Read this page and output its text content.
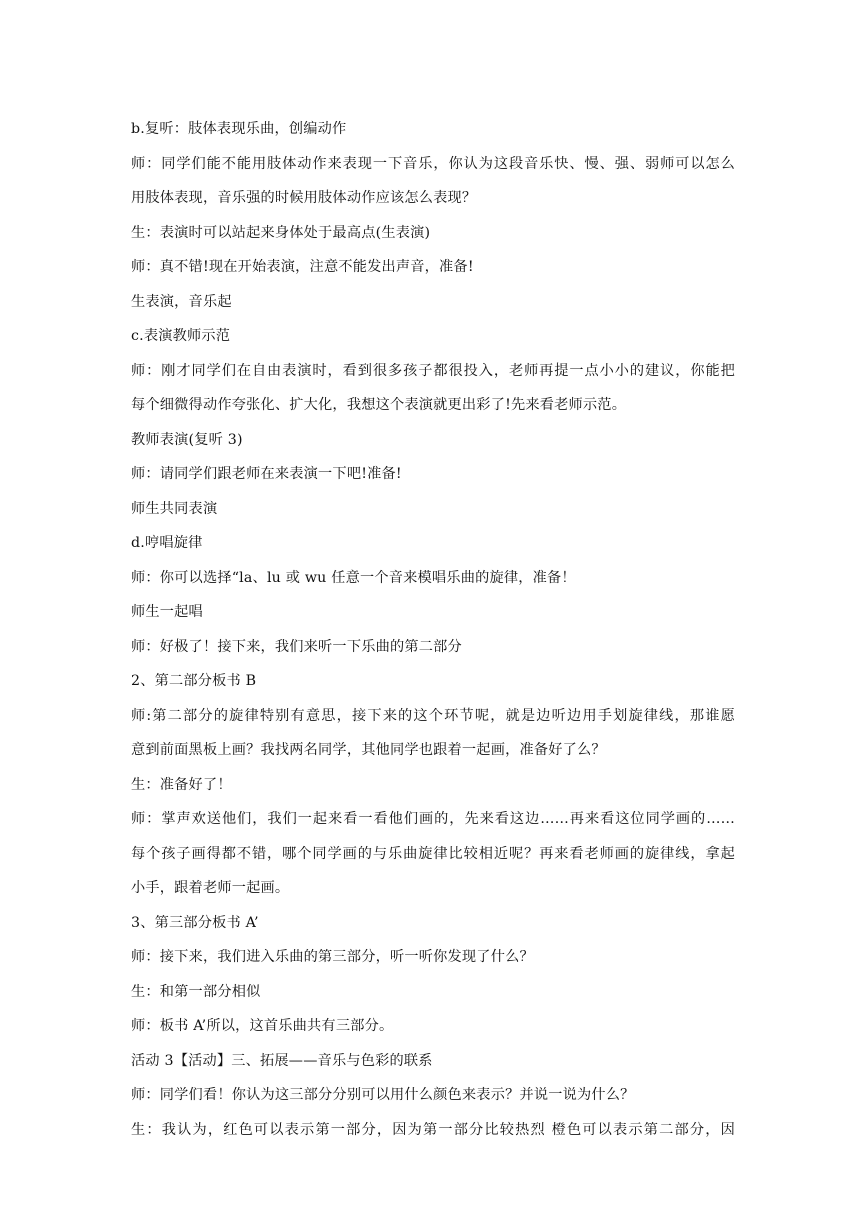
b.复听：肢体表现乐曲，创编动作
师：同学们能不能用肢体动作来表现一下音乐，你认为这段音乐快、慢、强、弱师可以怎么
用肢体表现，音乐强的时候用肢体动作应该怎么表现？
生：表演时可以站起来身体处于最高点(生表演)
师：真不错!现在开始表演，注意不能发出声音，准备!
生表演，音乐起
c.表演教师示范
师：刚才同学们在自由表演时，看到很多孩子都很投入，老师再提一点小小的建议，你能把
每个细微得动作夸张化、扩大化，我想这个表演就更出彩了!先来看老师示范。
教师表演(复听 3)
师：请同学们跟老师在来表演一下吧!准备!
师生共同表演
d.哼唱旋律
师：你可以选择“la、lu 或 wu 任意一个音来模唱乐曲的旋律，准备！
师生一起唱
师：好极了！接下来，我们来听一下乐曲的第二部分
2、第二部分板书 B
师:第二部分的旋律特别有意思，接下来的这个环节呢，就是边听边用手划旋律线，那谁愿
意到前面黑板上画？我找两名同学，其他同学也跟着一起画，准备好了么？
生：准备好了！
师：掌声欢送他们，我们一起来看一看他们画的，先来看这边……再来看这位同学画的……
每个孩子画得都不错，哪个同学画的与乐曲旋律比较相近呢？再来看老师画的旋律线，拿起
小手，跟着老师一起画。
3、第三部分板书 A’
师：接下来，我们进入乐曲的第三部分，听一听你发现了什么？
生：和第一部分相似
师：板书 A’所以，这首乐曲共有三部分。
活动 3【活动】三、拓展——音乐与色彩的联系
师：同学们看！你认为这三部分分别可以用什么颜色来表示？并说一说为什么？
生：我认为，红色可以表示第一部分，因为第一部分比较热烈 橙色可以表示第二部分，因
